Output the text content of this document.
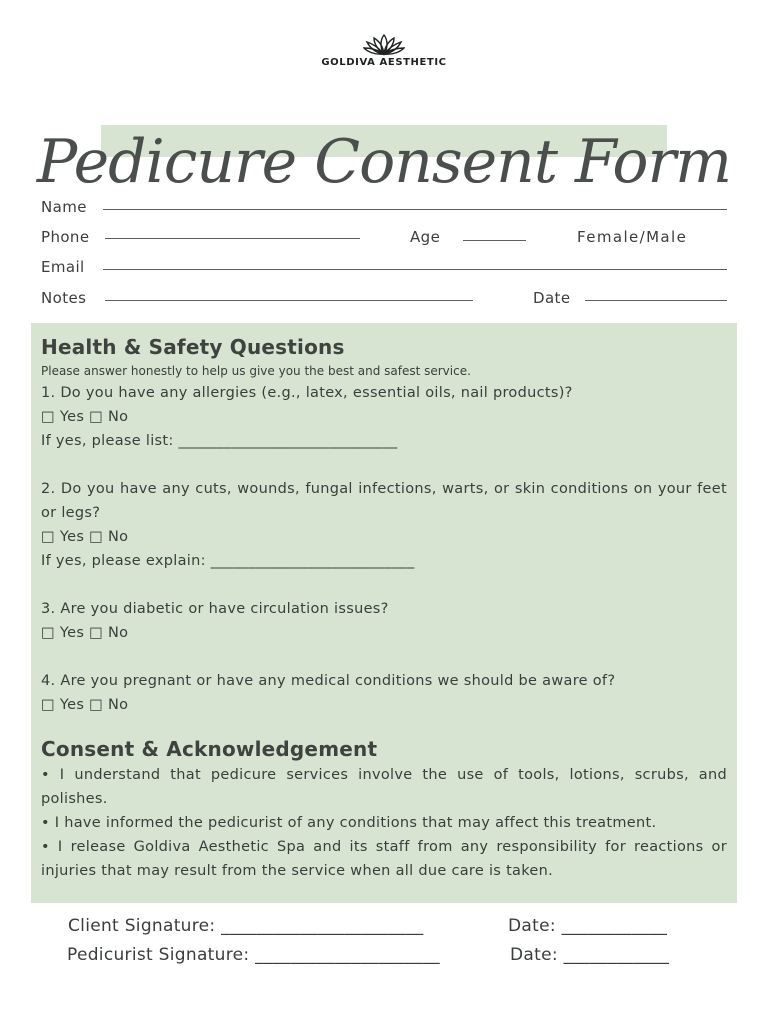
GOLDIVA AESTHETIC
Pedicure Consent Form
Name
Phone	Age	Female/Male
Email
Notes	Date
Health & Safety Questions

Please answer honestly to help us give you the best and safest service.

1. Do you have any allergies (e.g., latex, essential oils, nail products)?

□ Yes □ No

If yes, please list: _____________________________

2. Do you have any cuts, wounds, fungal infections, warts, or skin conditions on your feet or legs?

□ Yes □ No

If yes, please explain: ___________________________

3. Are you diabetic or have circulation issues?

□ Yes □ No

4. Are you pregnant or have any medical conditions we should be aware of?

□ Yes □ No

Consent & Acknowledgement

• I understand that pedicure services involve the use of tools, lotions, scrubs, and polishes.

• I have informed the pedicurist of any conditions that may affect this treatment.

• I release Goldiva Aesthetic Spa and its staff from any responsibility for reactions or injuries that may result from the service when all due care is taken.

Client Signature: _______________________	Date: ____________
Pedicurist Signature: _____________________	Date: ____________
